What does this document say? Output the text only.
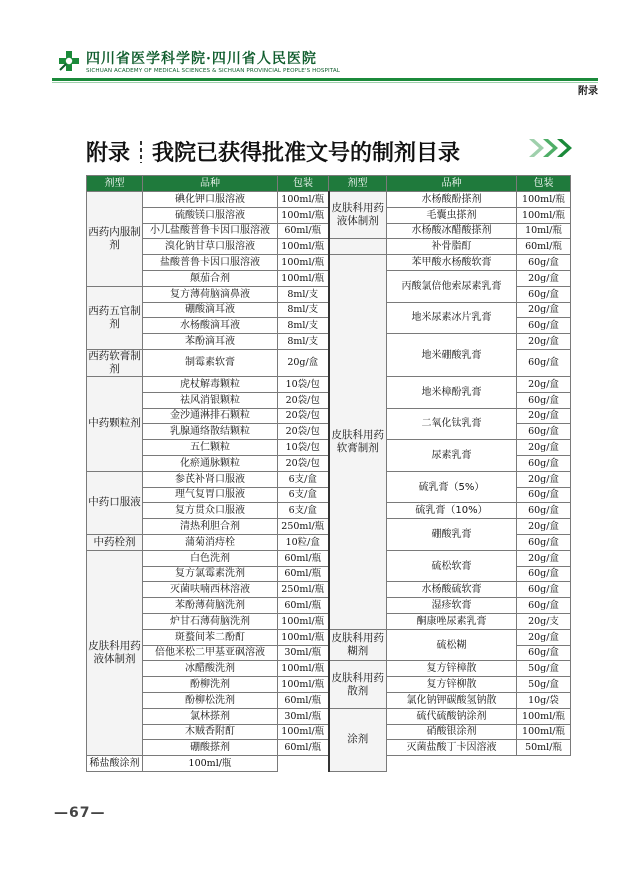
四川省医学科学院·四川省人民医院
SICHUAN ACADEMY OF MEDICAL SCIENCES & SICHUAN PROVINCIAL PEOPLE'S HOSPITAL
附录
附录 我院已获得批准文号的制剂目录
剂型	品种	包装	剂型	品种	包装
西药内服制剂	碘化钾口服溶液	100ml/瓶	皮肤科用药液体制剂	水杨酸酚搽剂	100ml/瓶
	硫酸镁口服溶液	100ml/瓶		毛囊虫搽剂	100ml/瓶
	小儿盐酸普鲁卡因口服溶液	60ml/瓶		水杨酸冰醋酸搽剂	10ml/瓶
	溴化钠甘草口服溶液	100ml/瓶		补骨脂酊	60ml/瓶
	盐酸普鲁卡因口服溶液	100ml/瓶	皮肤科用药软膏制剂	苯甲酸水杨酸软膏	60g/盒
	颠茄合剂	100ml/瓶		丙酸氯倍他索尿素乳膏	20g/盒
西药五官制剂	复方薄荷脑滴鼻液	8ml/支			60g/盒
	硼酸滴耳液	8ml/支		地米尿素冰片乳膏	20g/盒
	水杨酸滴耳液	8ml/支			60g/盒
	苯酚滴耳液	8ml/支		地米硼酸乳膏	20g/盒
西药软膏制剂	制霉素软膏	20g/盒			60g/盒
中药颗粒剂	虎杖解毒颗粒	10袋/包		地米樟酚乳膏	20g/盒
	祛风消银颗粒	20袋/包			60g/盒
	金沙通淋排石颗粒	20袋/包		二氧化钛乳膏	20g/盒
	乳腺通络散结颗粒	20袋/包			60g/盒
	五仁颗粒	10袋/包		尿素乳膏	20g/盒
	化瘀通脉颗粒	20袋/包			60g/盒
中药口服液	参芪补肾口服液	6支/盒		硫乳膏（5%）	20g/盒
	理气复胃口服液	6支/盒			60g/盒
	复方贯众口服液	6支/盒		硫乳膏（10%）	60g/盒
	清热利胆合剂	250ml/瓶		硼酸乳膏	20g/盒
中药栓剂	蒲菊消痔栓	10粒/盒			60g/盒
皮肤科用药液体制剂	白色洗剂	60ml/瓶		硫松软膏	20g/盒
	复方氯霉素洗剂	60ml/瓶			60g/盒
	灭菌呋喃西林溶液	250ml/瓶		水杨酸硫软膏	60g/盒
	苯酚薄荷脑洗剂	60ml/瓶		湿疹软膏	60g/盒
	炉甘石薄荷脑洗剂	100ml/瓶		酮康唑尿素乳膏	20g/支
	斑蝥间苯二酚酊	100ml/瓶	皮肤科用药糊剂	硫松糊	20g/盒
	倍他米松二甲基亚砜溶液	30ml/瓶			60g/盒
	冰醋酸洗剂	100ml/瓶	皮肤科用药散剂	复方锌樟散	50g/盒
	酚柳洗剂	100ml/瓶		复方锌柳散	50g/盒
	酚柳松洗剂	60ml/瓶		氯化钠钾碳酸氢钠散	10g/袋
	氯林搽剂	30ml/瓶	涂剂	硫代硫酸钠涂剂	100ml/瓶
	木贼香附酊	100ml/瓶		硝酸银涂剂	100ml/瓶
	硼酸搽剂	60ml/瓶		灭菌盐酸丁卡因溶液	50ml/瓶
稀盐酸涂剂	100ml/瓶				
—67—
